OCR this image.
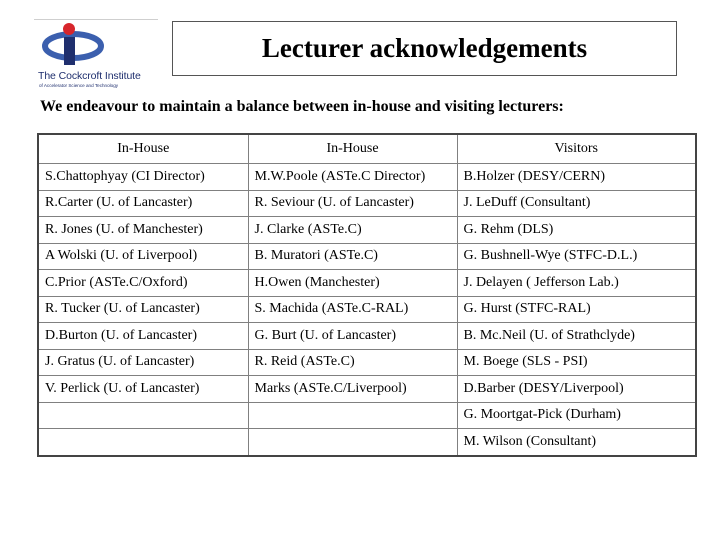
The Cockcroft Institute
of Accelerator Science and Technology
Lecturer acknowledgements
We endeavour to maintain a balance between in-house and visiting lecturers:
In-House	In-House	Visitors
S.Chattophyay (CI Director)	M.W.Poole (ASTe.C Director)	B.Holzer (DESY/CERN)
R.Carter (U. of Lancaster)	R. Seviour (U. of Lancaster)	J. LeDuff (Consultant)
R. Jones (U. of Manchester)	J. Clarke (ASTe.C)	G. Rehm (DLS)
A Wolski (U. of Liverpool)	B. Muratori (ASTe.C)	G. Bushnell-Wye (STFC-D.L.)
C.Prior (ASTe.C/Oxford)	H.Owen (Manchester)	J. Delayen ( Jefferson Lab.)
R. Tucker (U. of Lancaster)	S. Machida (ASTe.C-RAL)	G. Hurst (STFC-RAL)
D.Burton (U. of Lancaster)	G. Burt (U. of Lancaster)	B. Mc.Neil (U. of Strathclyde)
J. Gratus (U. of Lancaster)	R. Reid (ASTe.C)	M. Boege (SLS - PSI)
V. Perlick (U. of Lancaster)	Marks (ASTe.C/Liverpool)	D.Barber (DESY/Liverpool)
		G. Moortgat-Pick (Durham)
		M. Wilson (Consultant)
